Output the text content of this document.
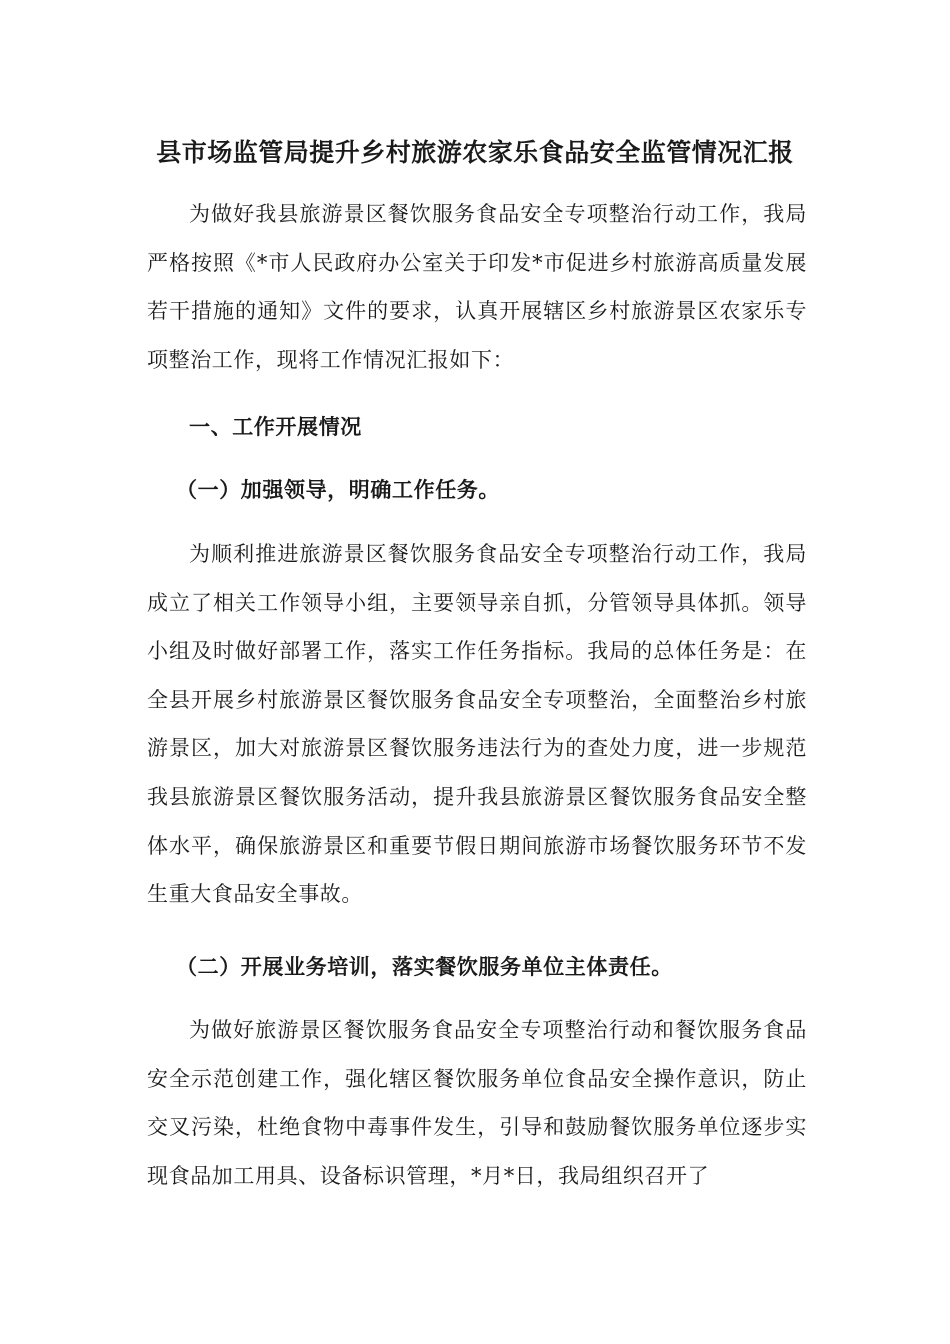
县市场监管局提升乡村旅游农家乐食品安全监管情况汇报

为做好我县旅游景区餐饮服务食品安全专项整治行动工作，我局严格按照《*市人民政府办公室关于印发*市促进乡村旅游高质量发展若干措施的通知》文件的要求，认真开展辖区乡村旅游景区农家乐专项整治工作，现将工作情况汇报如下：

一、工作开展情况

（一）加强领导，明确工作任务。

为顺利推进旅游景区餐饮服务食品安全专项整治行动工作，我局成立了相关工作领导小组，主要领导亲自抓，分管领导具体抓。领导小组及时做好部署工作，落实工作任务指标。我局的总体任务是：在全县开展乡村旅游景区餐饮服务食品安全专项整治，全面整治乡村旅游景区，加大对旅游景区餐饮服务违法行为的查处力度，进一步规范我县旅游景区餐饮服务活动，提升我县旅游景区餐饮服务食品安全整体水平，确保旅游景区和重要节假日期间旅游市场餐饮服务环节不发生重大食品安全事故。

（二）开展业务培训，落实餐饮服务单位主体责任。

为做好旅游景区餐饮服务食品安全专项整治行动和餐饮服务食品安全示范创建工作，强化辖区餐饮服务单位食品安全操作意识，防止交叉污染，杜绝食物中毒事件发生，引导和鼓励餐饮服务单位逐步实现食品加工用具、设备标识管理，*月*日，我局组织召开了
